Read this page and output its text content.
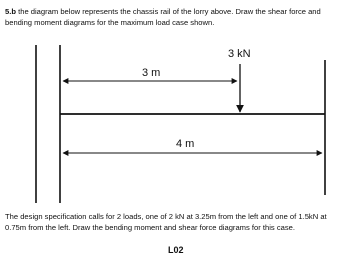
5.b the diagram below represents the chassis rail of the lorry above. Draw the shear force and bending moment diagrams for the maximum load case shown.
3 kN
3 m
4 m
The design specification calls for 2 loads, one of 2 kN at 3.25m from the left and one of 1.5kN at 0.75m from the left. Draw the bending moment and shear force diagrams for this case.
L02
